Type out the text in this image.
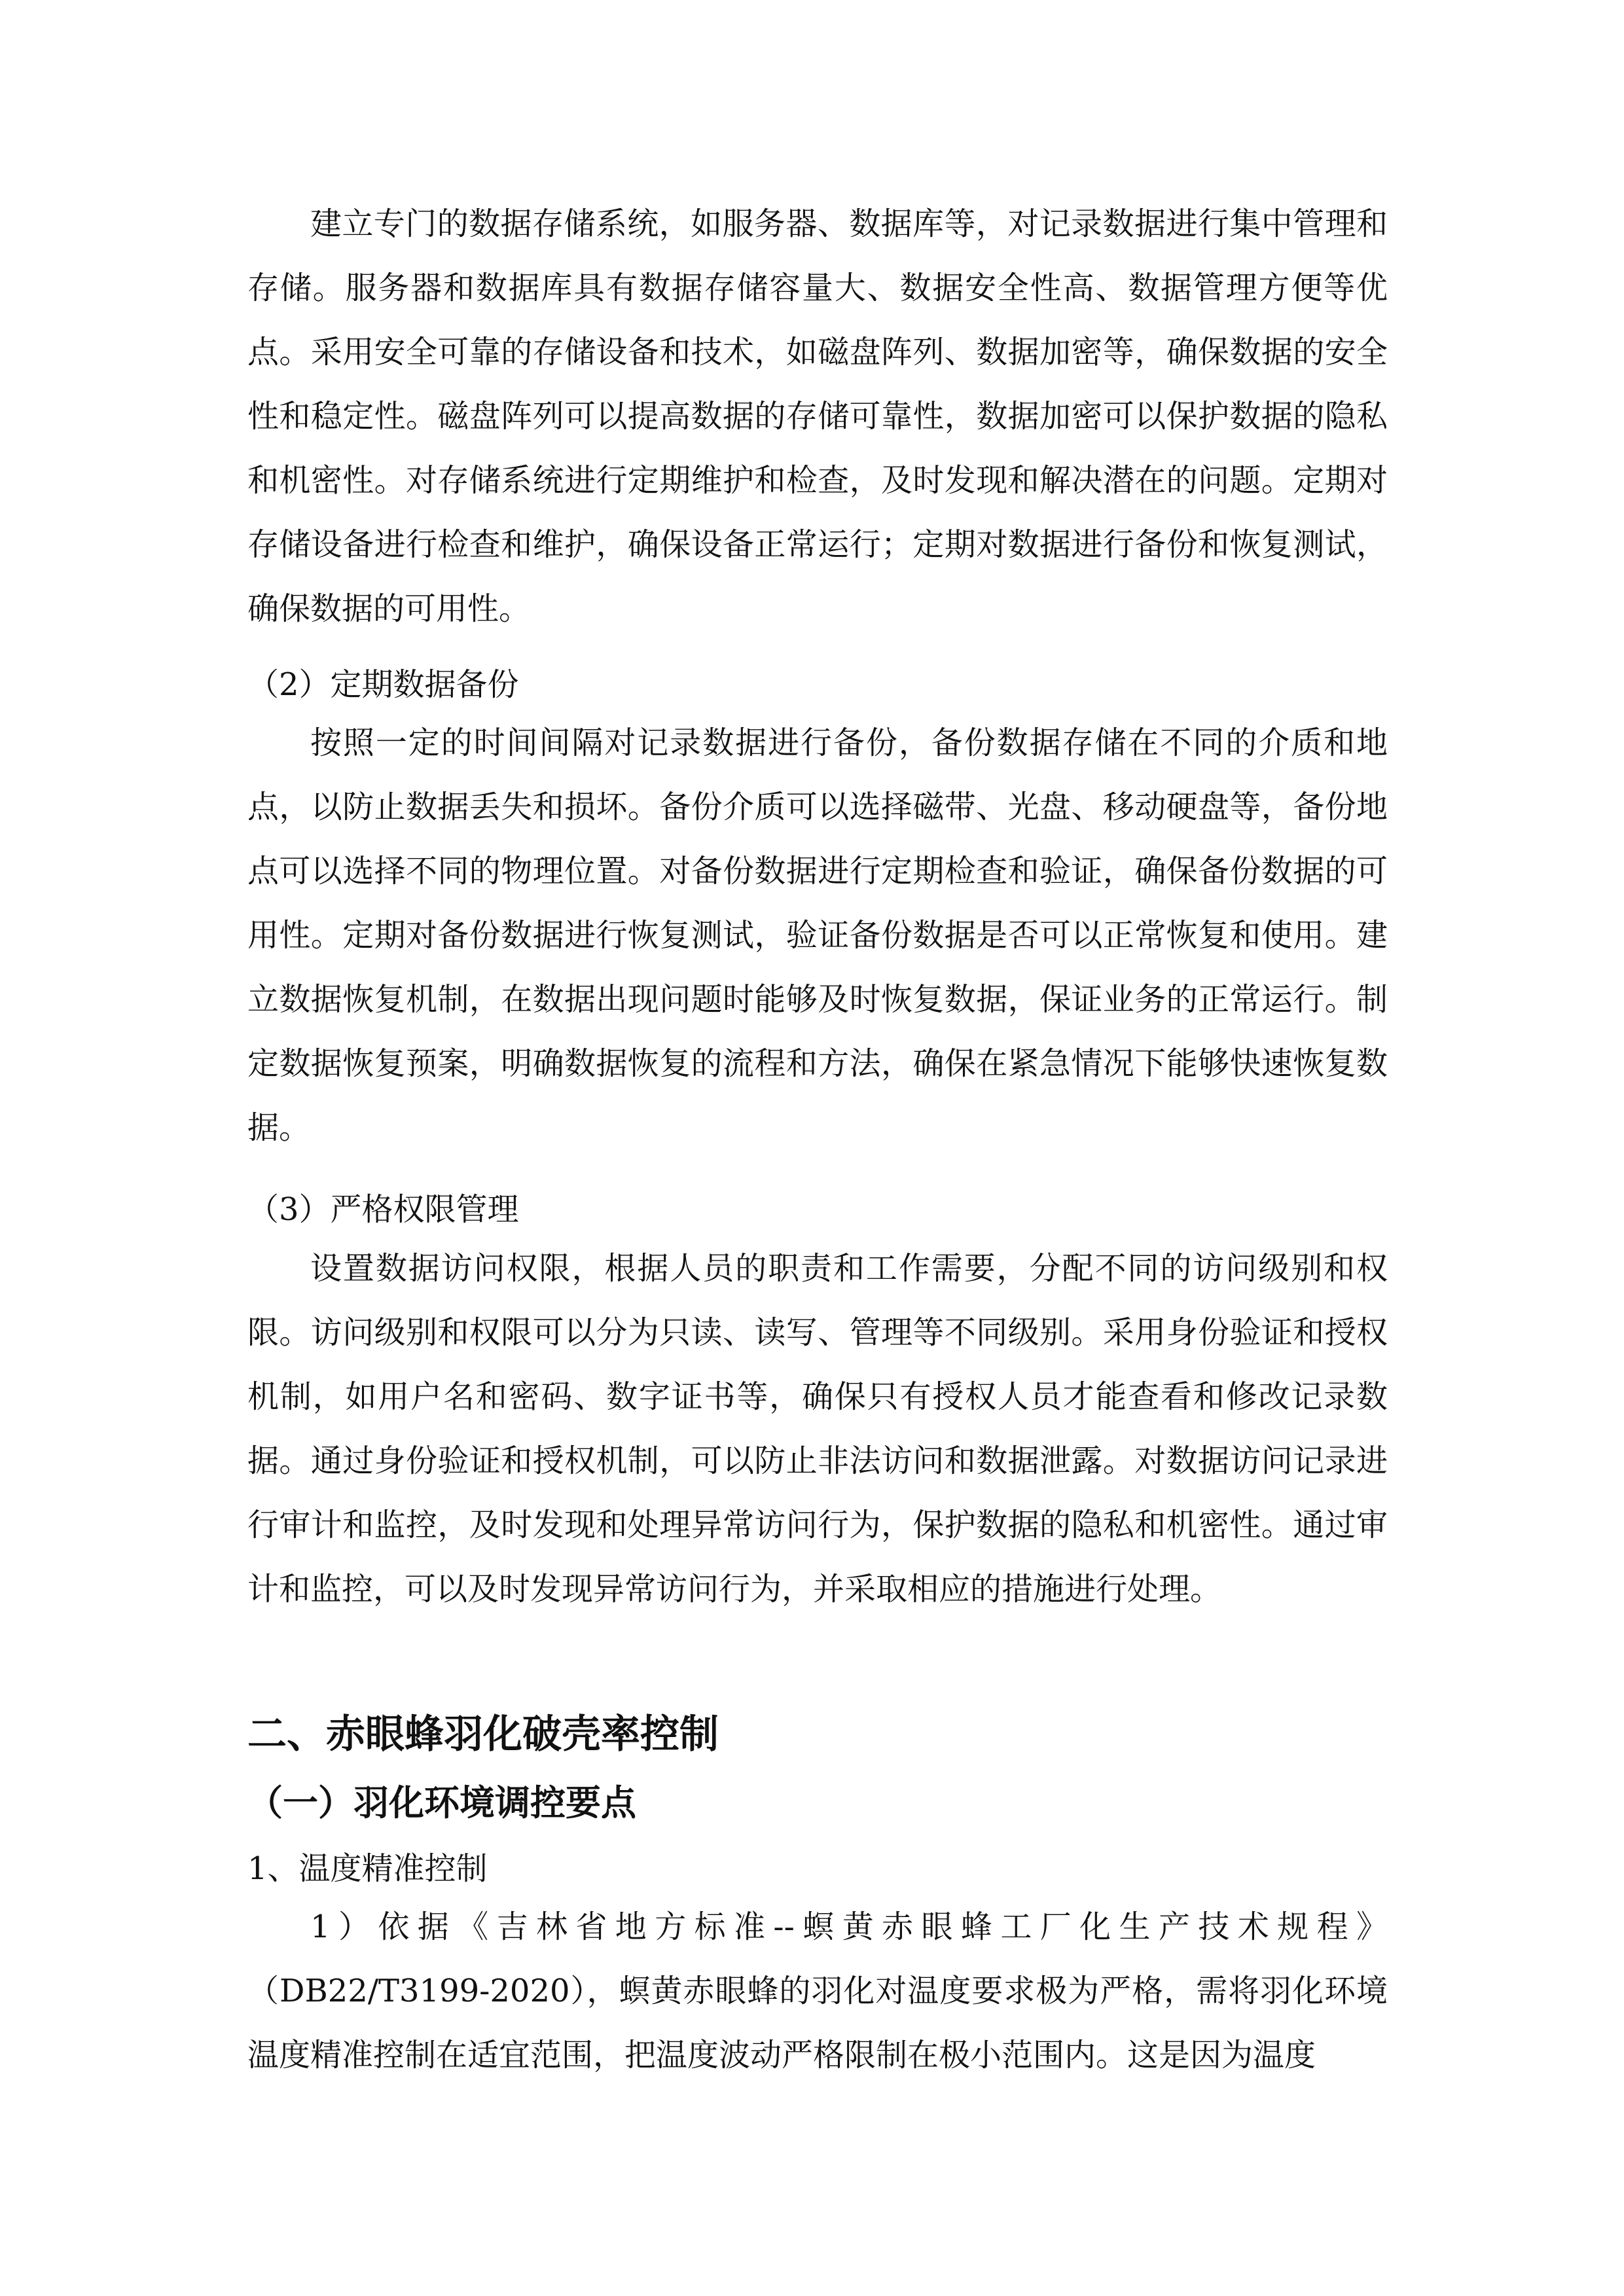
建立专门的数据存储系统，如服务器、数据库等，对记录数据进行集中管理和存储。服务器和数据库具有数据存储容量大、数据安全性高、数据管理方便等优点。采用安全可靠的存储设备和技术，如磁盘阵列、数据加密等，确保数据的安全性和稳定性。磁盘阵列可以提高数据的存储可靠性，数据加密可以保护数据的隐私和机密性。对存储系统进行定期维护和检查，及时发现和解决潜在的问题。定期对存储设备进行检查和维护，确保设备正常运行；定期对数据进行备份和恢复测试，确保数据的可用性。

（2）定期数据备份

按照一定的时间间隔对记录数据进行备份，备份数据存储在不同的介质和地点，以防止数据丢失和损坏。备份介质可以选择磁带、光盘、移动硬盘等，备份地点可以选择不同的物理位置。对备份数据进行定期检查和验证，确保备份数据的可用性。定期对备份数据进行恢复测试，验证备份数据是否可以正常恢复和使用。建立数据恢复机制，在数据出现问题时能够及时恢复数据，保证业务的正常运行。制定数据恢复预案，明确数据恢复的流程和方法，确保在紧急情况下能够快速恢复数据。

（3）严格权限管理

设置数据访问权限，根据人员的职责和工作需要，分配不同的访问级别和权限。访问级别和权限可以分为只读、读写、管理等不同级别。采用身份验证和授权机制，如用户名和密码、数字证书等，确保只有授权人员才能查看和修改记录数据。通过身份验证和授权机制，可以防止非法访问和数据泄露。对数据访问记录进行审计和监控，及时发现和处理异常访问行为，保护数据的隐私和机密性。通过审计和监控，可以及时发现异常访问行为，并采取相应的措施进行处理。

二、赤眼蜂羽化破壳率控制
（一）羽化环境调控要点

1、温度精准控制

1）依据《吉林省地方标准--螟黄赤眼蜂工厂化生产技术规程》（DB22/T3199-2020），螟黄赤眼蜂的羽化对温度要求极为严格，需将羽化环境温度精准控制在适宜范围，把温度波动严格限制在极小范围内。这是因为温度
